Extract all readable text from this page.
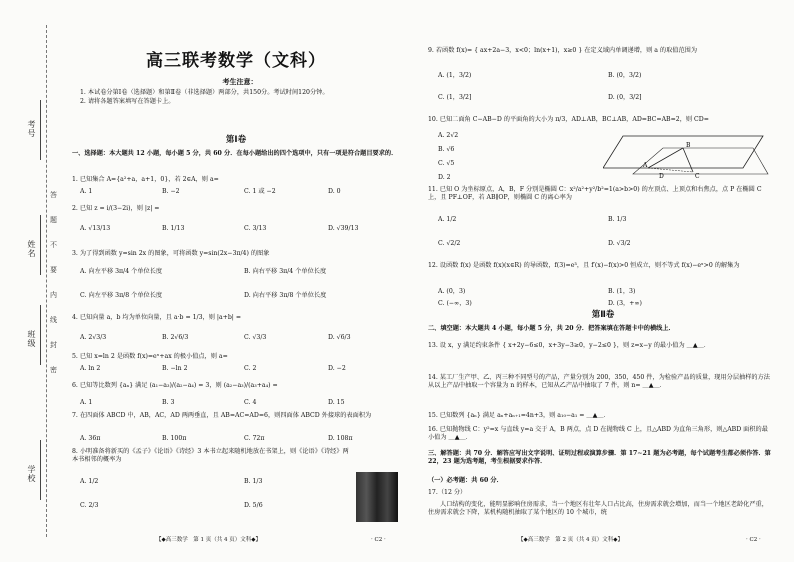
考号
姓名
班级
学校
答
题
不
要
内
线
封
密
高三联考数学（文科）
考生注意：
1. 本试卷分第Ⅰ卷（选择题）和第Ⅱ卷（非选择题）两部分，共150分。考试时间120分钟。
2. 请将各题答案填写在答题卡上。
第Ⅰ卷
一、选择题：本大题共 12 小题，每小题 5 分，共 60 分．在每小题给出的四个选项中，只有一项是符合题目要求的．
1. 已知集合 A={a²+a，a+1，0}，若 2∈A，则 a=
A. 1	B. −2	C. 1 或 −2	D. 0
2. 已知 z = i/(3−2i)，则 |z| =
A. √13/13	B. 1/13	C. 3/13	D. √39/13
3. 为了得到函数 y=sin 2x 的图象，可将函数 y=sin(2x−3π/4) 的图象
A. 向左平移 3π/4 个单位长度	B. 向右平移 3π/4 个单位长度
C. 向左平移 3π/8 个单位长度	D. 向右平移 3π/8 个单位长度
4. 已知向量 a，b 均为单位向量，且 a·b = 1/3，则 |a+b| =
A. 2√3/3	B. 2√6/3	C. √3/3	D. √6/3
5. 已知 x=ln 2 是函数 f(x)=eˣ+ax 的极小值点，则 a=
A. ln 2	B. −ln 2	C. 2	D. −2
6. 已知等比数列 {aₙ} 满足 (a₁−a₃)/(a₂−a₄) = 3，则 (a₂−a₃)/(a₃+a₄) =
A. 1	B. 3	C. 4	D. 15
7. 在四面体 ABCD 中，AB，AC，AD 两两垂直，且 AB=AC=AD=6，则四面体 ABCD 外接球的表面积为
A. 36π	B. 100π	C. 72π	D. 108π
8. 小明准备将新买的《孟子》《论语》《诗经》3 本书立起来随机地放在书架上，则《论语》《诗经》两本书相邻的概率为
A. 1/2	B. 1/3
C. 2/3	D. 5/6
【◆高三数学　第 1 页（共 4 页）文科◆】	· C2 ·
9. 若函数 f(x)= { ax+2a−3，x<0；ln(x+1)，x≥0 } 在定义域内单调递增，则 a 的取值范围为
A. (1，3/2)	B. (0，3/2)
C. (1，3/2]	D. (0，3/2]
10. 已知二面角 C−AB−D 的平面角的大小为 π/3，AD⊥AB，BC⊥AB，AD=BC=AB=2，则 CD=
A. 2√2
B. √6
C. √5
D. 2
A
B
C
D
11. 已知 O 为坐标原点，A，B，F 分别是椭圆 C：x²/a²+y²/b²=1(a>b>0) 的左顶点、上顶点和右焦点，点 P 在椭圆 C 上，且 PF⊥OF，若 AB∥OP，则椭圆 C 的离心率为
A. 1/2	B. 1/3
C. √2/2	D. √3/2
12. 设函数 f(x) 是函数 f(x)(x∈R) 的导函数，f(3)=e³，且 f′(x)−f(x)>0 恒成立，则不等式 f(x)−eˣ>0 的解集为
A. (0，3)	B. (1，3)
C. (−∞，3)	D. (3，+∞)
第Ⅱ卷
二、填空题：本大题共 4 小题，每小题 5 分，共 20 分．把答案填在答题卡中的横线上．
13. 设 x，y 满足约束条件 { x+2y−6≤0，x+3y−3≥0，y−2≤0 }，则 z=x−y 的最小值为 ＿▲＿．
14. 某工厂生产甲、乙、丙三种不同型号的产品，产量分别为 200，350，450 件，为检验产品的质量，现用分层抽样的方法从以上产品中抽取一个容量为 n 的样本，已知从乙产品中抽取了 7 件，则 n= ＿▲＿．
15. 已知数列 {aₙ} 满足 aₙ+aₙ₊₁=4n+3，则 a₁₀−a₁ = ＿▲＿．
16. 已知抛物线 C：y²=x 与直线 y=a 交于 A，B 两点，点 D 在抛物线 C 上，且△ABD 为直角三角形，则△ABD 面积的最小值为 ＿▲＿．
三、解答题：共 70 分．解答应写出文字说明、证明过程或演算步骤．第 17∼21 题为必考题，每个试题考生都必须作答．第 22，23 题为选考题，考生根据要求作答．
（一）必考题：共 60 分．
17.（12 分）
人口结构的变化，能明显影响住房需求，当一个地区有壮年人口占比高，住房需求就会增加，而当一个地区老龄化严重，住房需求就会下降，某机构随机抽取了某个地区的 10 个城市，统
【◆高三数学　第 2 页（共 4 页）文科◆】	· C2 ·
